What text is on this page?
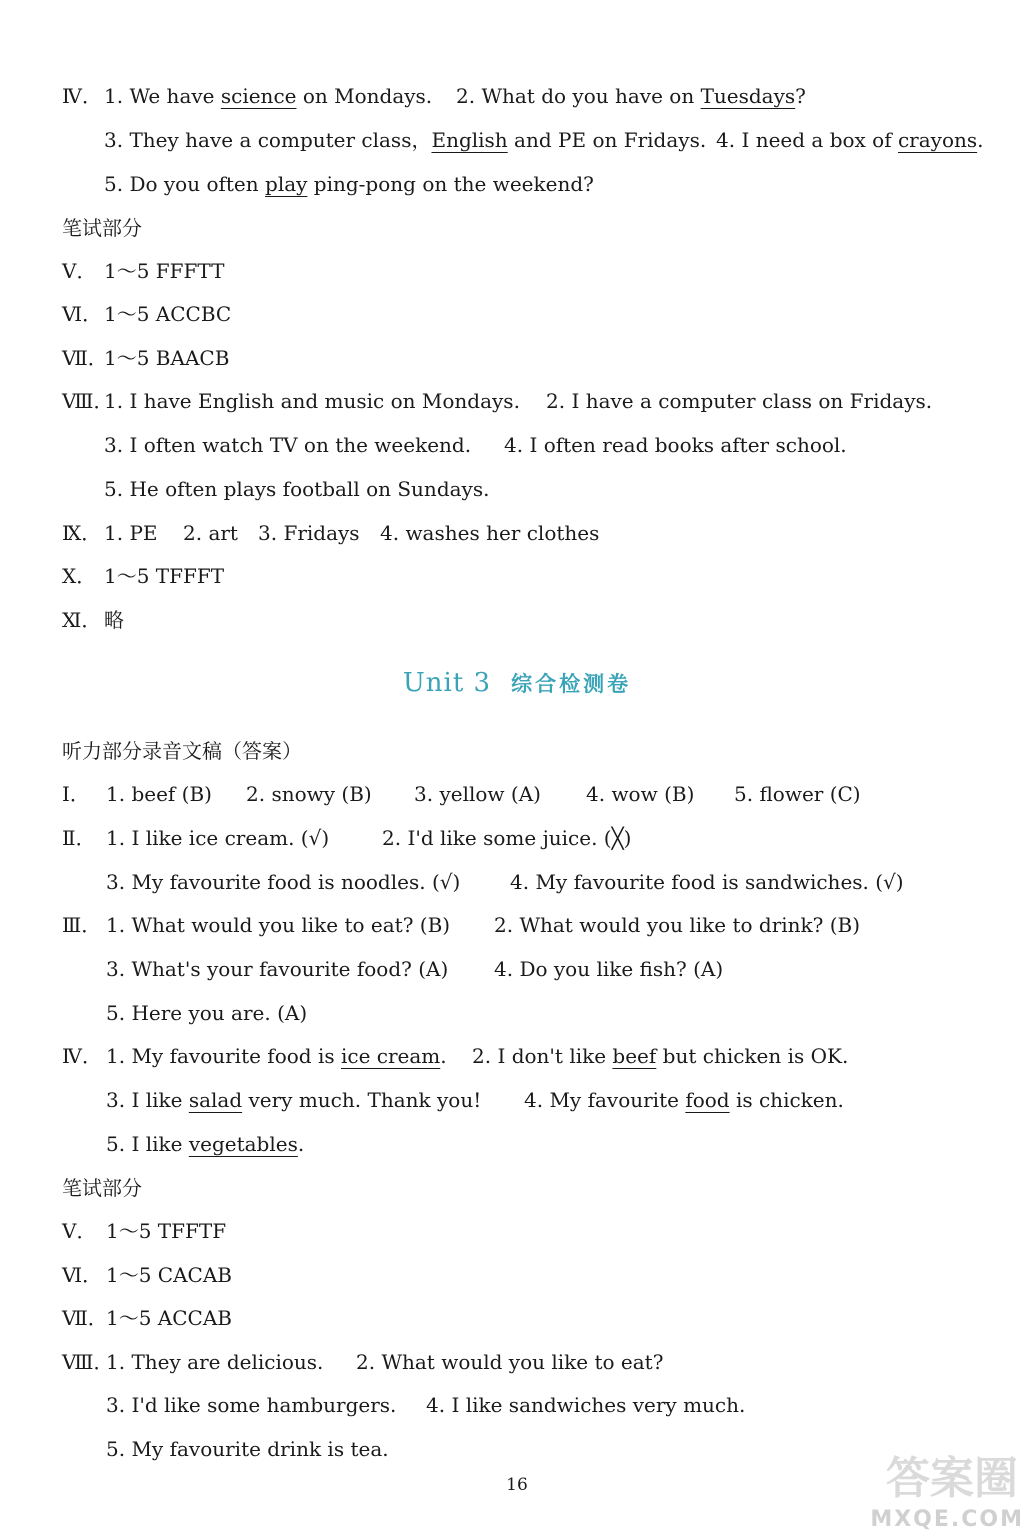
Ⅳ． 1. We have science on Mondays. 2. What do you have on Tuesdays?
3. They have a computer class，English and PE on Fridays. 4. I need a box of crayons.
5. Do you often play ping-pong on the weekend?
笔试部分
Ⅴ． 1～5 FFFTT
Ⅵ． 1～5 ACCBC
Ⅶ．
1～5 BAACB
Ⅷ．
1. I have English and music on Mondays. 2. I have a computer class on Fridays.
3. I often watch TV on the weekend. 4. I often read books after school.
5. He often plays football on Sundays.
Ⅸ． 1. PE 2. art 3. Fridays 4. washes her clothes
Ⅹ． 1～5 TFFFT
Ⅺ． 略
Unit 3 综合检测卷
听力部分录音文稿（答案）
Ⅰ． 1. beef (B) 2. snowy (B) 3. yellow (A) 4. wow (B) 5. flower (C)
Ⅱ． 1. I like ice cream. (√)	2. I'd like some juice. (╳)
3. My favourite food is noodles. (√) 4. My favourite food is sandwiches. (√)
Ⅲ． 1. What would you like to eat? (B) 2. What would you like to drink? (B)
3. What's your favourite food? (A) 4. Do you like fish? (A)
5. Here you are. (A)
Ⅳ． 1. My favourite food is ice cream. 2. I don't like beef but chicken is OK.
3. I like salad very much. Thank you! 4. My favourite food is chicken.
5. I like vegetables.
笔试部分
Ⅴ． 1～5 TFFTF
Ⅵ． 1～5 CACAB
Ⅶ．
1～5 ACCAB
Ⅷ．
1. They are delicious. 2. What would you like to eat?
3. I'd like some hamburgers. 4. I like sandwiches very much.
5. My favourite drink is tea.
16	答案圈
MXQE.COM
